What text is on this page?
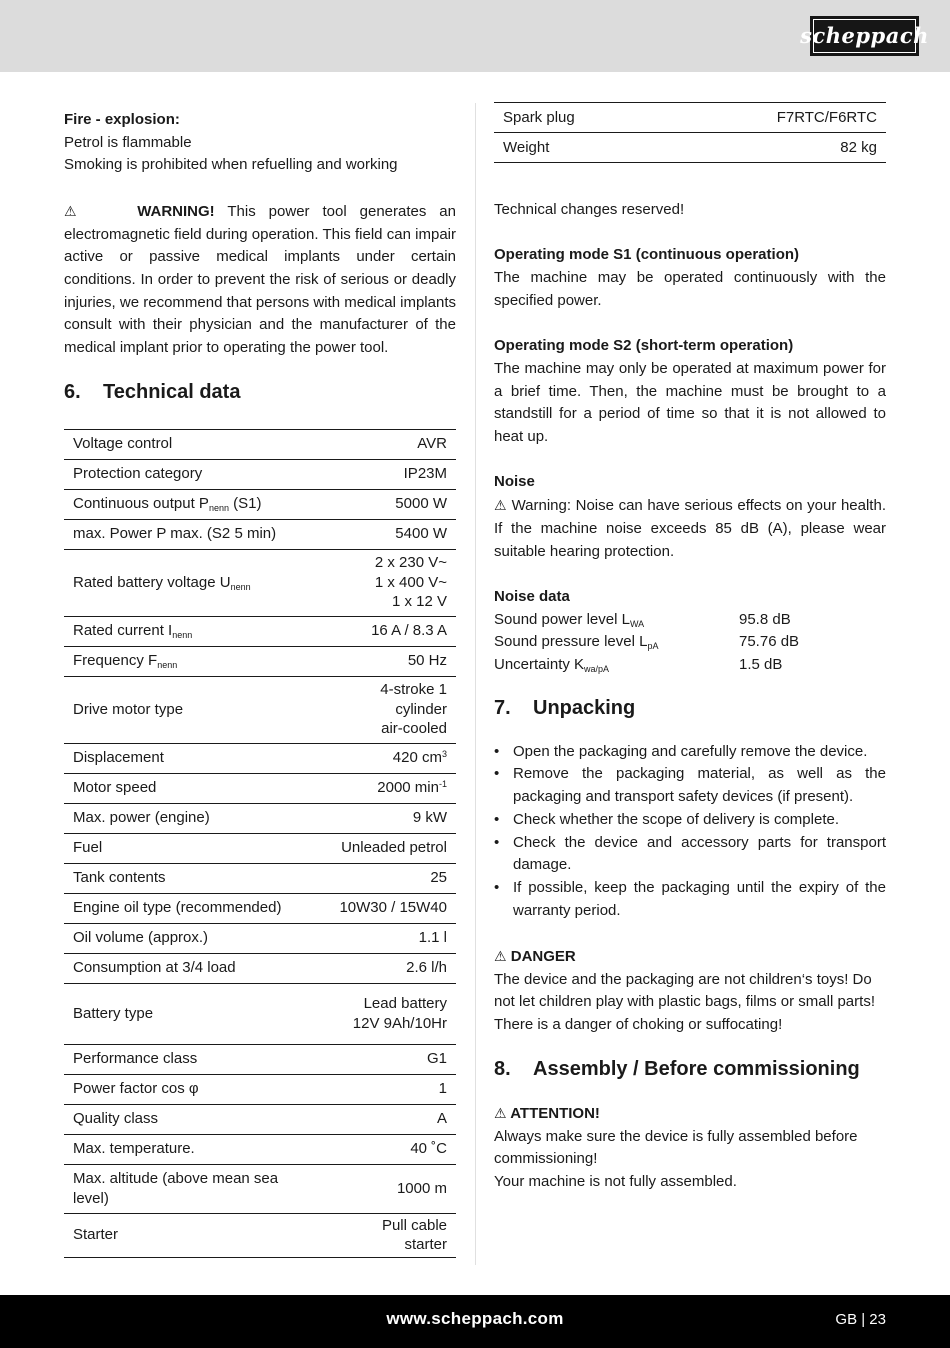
scheppach

Fire - explosion:

Petrol is flammable

Smoking is prohibited when refuelling and working

⚠	WARNING! This power tool generates an electromagnetic field during operation. This field can impair active or passive medical implants under certain conditions. In order to prevent the risk of serious or deadly injuries, we recommend that persons with medical implants consult with their physician and the manufacturer of the medical implant prior to operating the power tool.

6.	Technical data
Voltage control	AVR
Protection category	IP23M
Continuous output $P_{nenn}$ (S1)	5000 W
max. Power P max. (S2 5 min)	5400 W
Rated battery voltage $U_{nenn}$	2 x 230 V~
1 x 400 V~
1 x 12 V

Rated current $I_{nenn}$	16 A / 8.3 A
Frequency $F_{nenn}$	50 Hz
Drive motor type	4-stroke 1
cylinder
air-cooled

Displacement	420 $cm^3$
Motor speed	2000 $\min^{-1}$
Max. power (engine)	9 kW
Fuel	Unleaded petrol
Tank contents	25
Engine oil type (recommended)	10W30 / 15W40
Oil volume (approx.)	1.1 l
Consumption at 3/4 load	2.6 l/h
Battery type	Lead battery
12V 9Ah/10Hr

Performance class	G1
Power factor cos φ	1
Quality class	A
Max. temperature.	40 ˚C
Max. altitude (above mean sea level)	1000 m
Starter	Pull cable starter
Spark plug	F7RTC/F6RTC
Weight	82 kg

Technical changes reserved!

Operating mode S1 (continuous operation)

The machine may be operated continuously with the specified power.

Operating mode S2 (short-term operation)

The machine may only be operated at maximum power for a brief time. Then, the machine must be brought to a standstill for a period of time so that it is not allowed to heat up.

Noise

⚠ Warning: Noise can have serious effects on your health. If the machine noise exceeds 85 dB (A), please wear suitable hearing protection.

Noise data

Sound power level $L_{WA}$	95.8 dB
Sound pressure level $L_{pA}$	75.76 dB
Uncertainty $K_{wa/pA}$	1.5 dB
7.	Unpacking
• Open the packaging and carefully remove the device.
• Remove the packaging material, as well as the packaging and transport safety devices (if present).
• Check whether the scope of delivery is complete.
• Check the device and accessory parts for transport damage.
• If possible, keep the packaging until the expiry of the warranty period.

⚠ DANGER

The device and the packaging are not children‘s toys! Do not let children play with plastic bags, films or small parts! There is a danger of choking or suffocating!

8.	Assembly / Before commissioning

⚠ ATTENTION!

Always make sure the device is fully assembled before commissioning!

Your machine is not fully assembled.

www.scheppach.com	GB | 23
